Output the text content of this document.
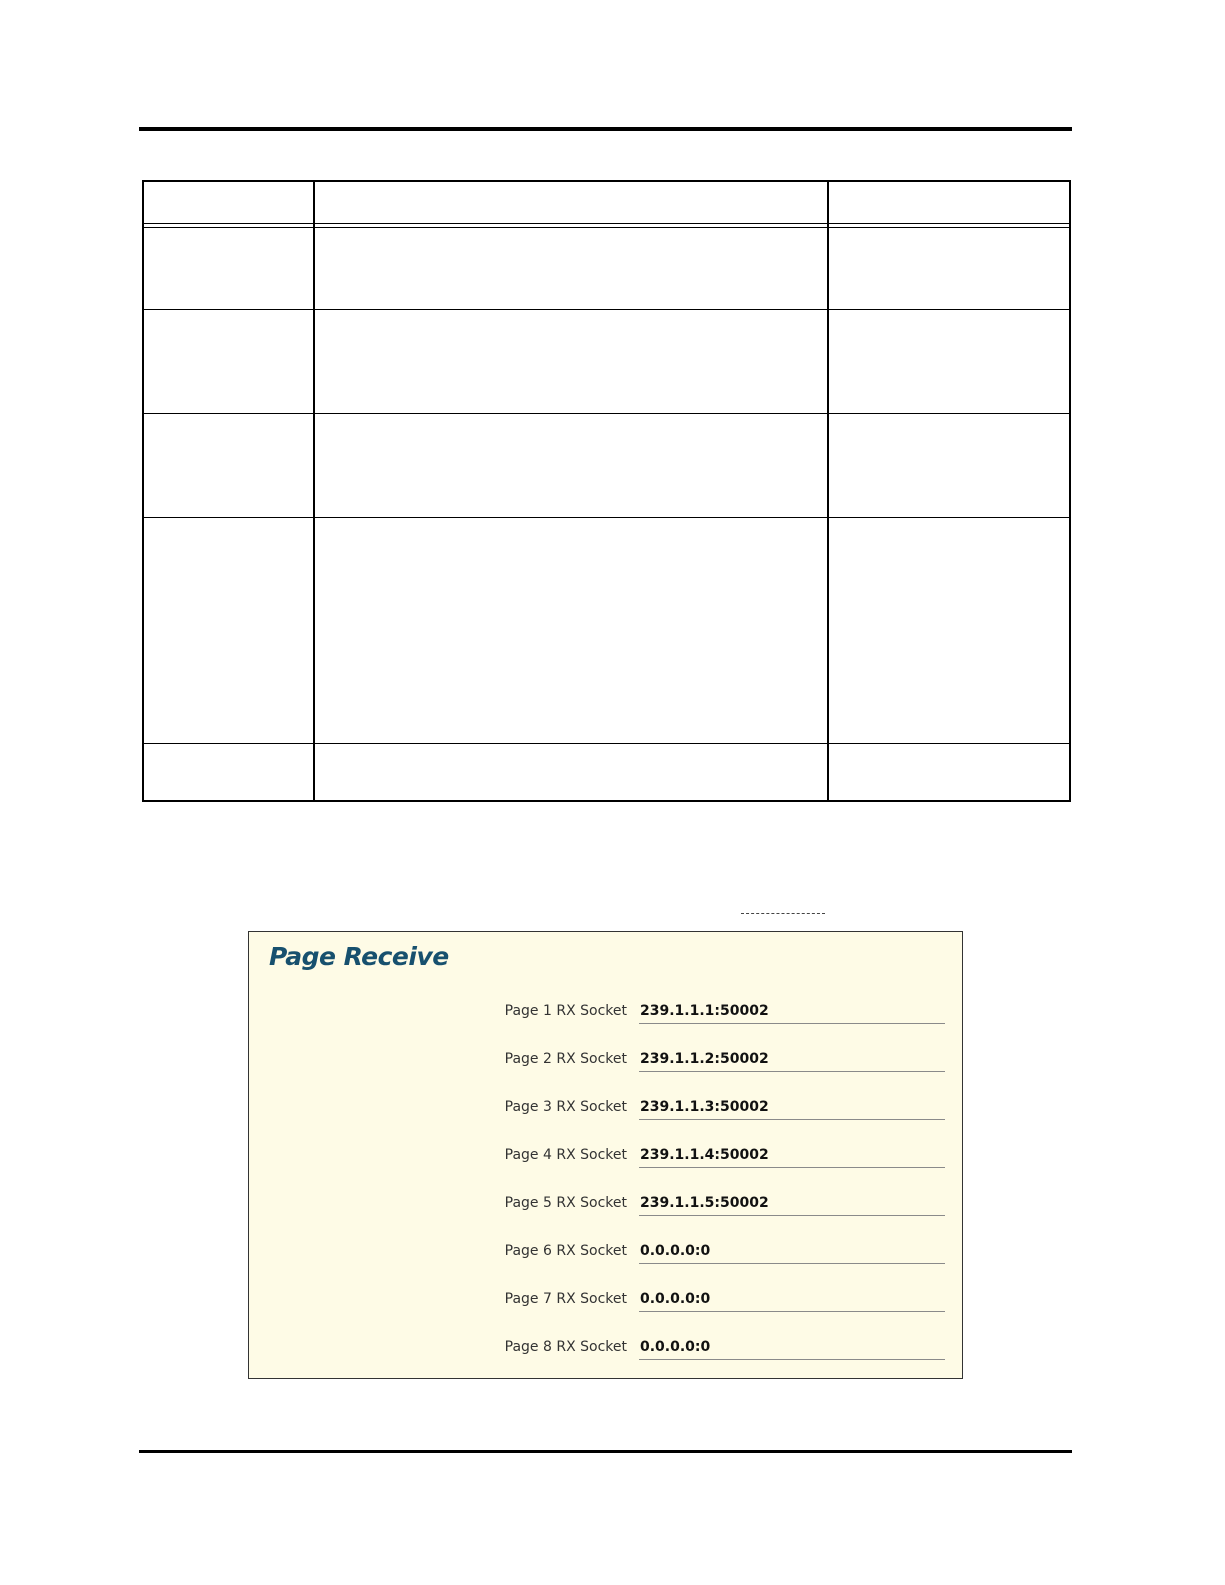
Page Receive
Page 1 RX Socket
239.1.1.1:50002
Page 2 RX Socket
239.1.1.2:50002
Page 3 RX Socket
239.1.1.3:50002
Page 4 RX Socket
239.1.1.4:50002
Page 5 RX Socket
239.1.1.5:50002
Page 6 RX Socket
0.0.0.0:0
Page 7 RX Socket
0.0.0.0:0
Page 8 RX Socket
0.0.0.0:0
